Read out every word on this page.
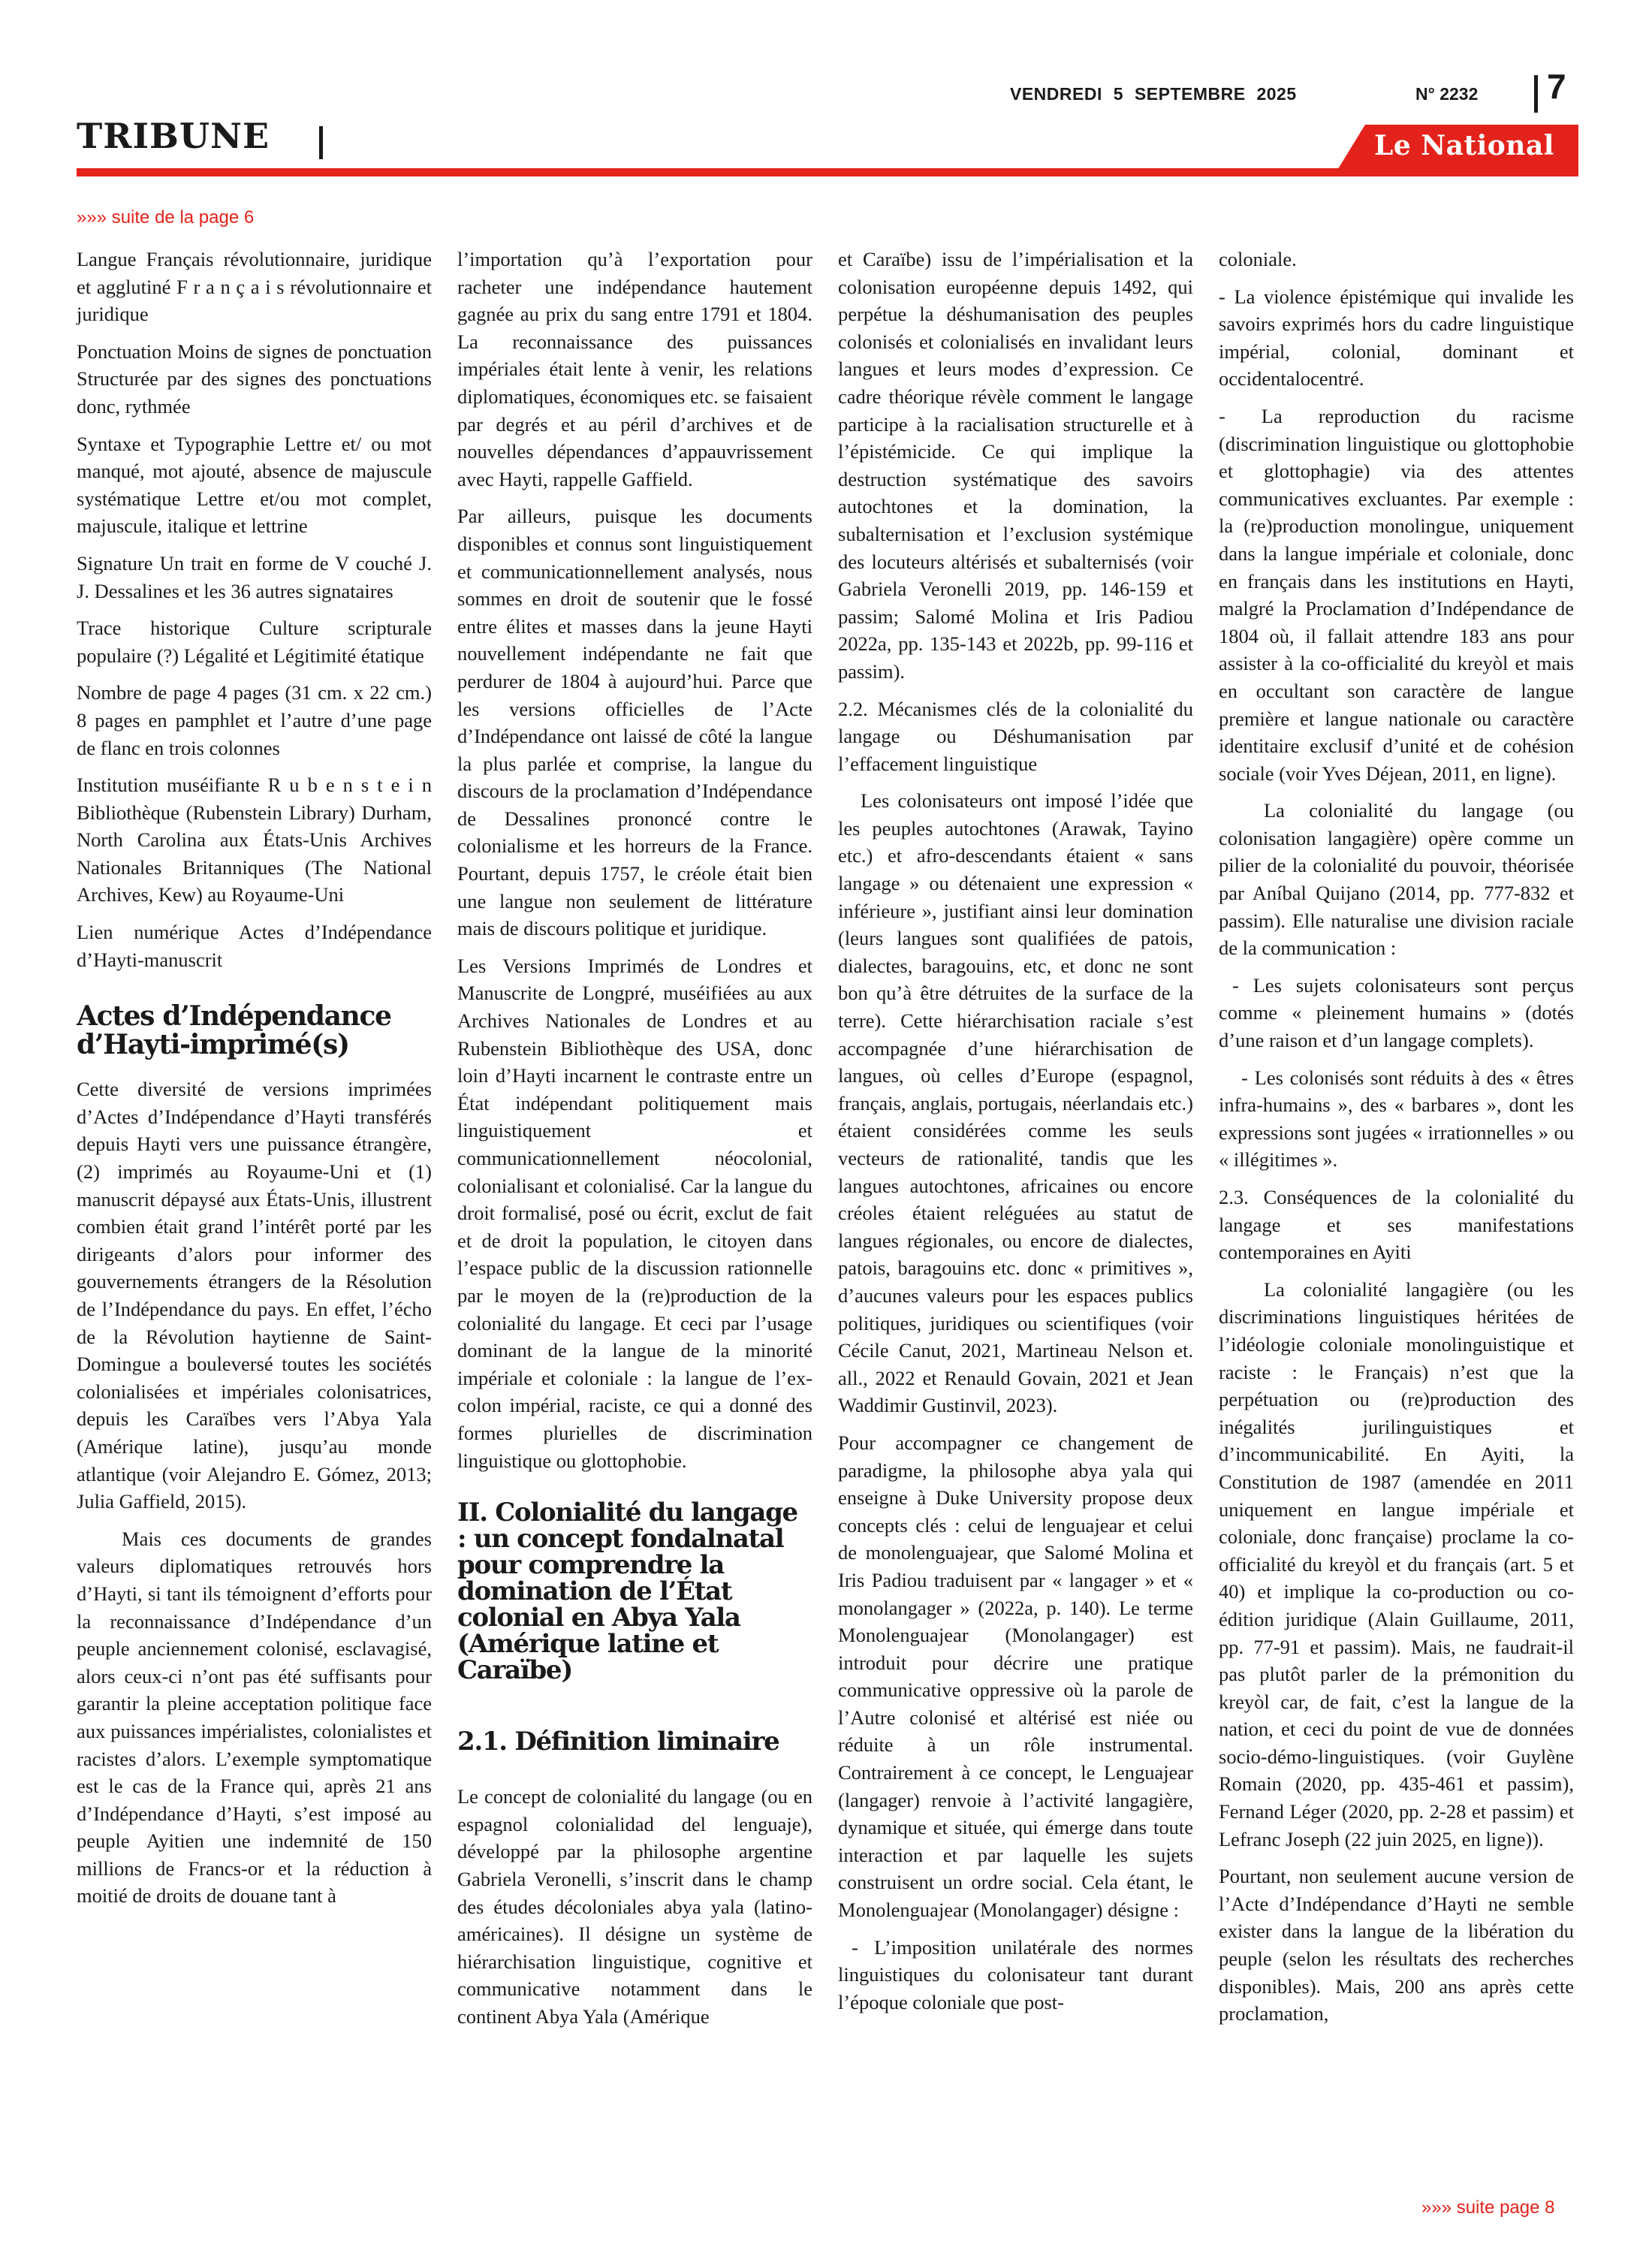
VENDREDI 5 SEPTEMBRE 2025	N° 2232 7
TRIBUNE	Le National
»»» suite de la page 6

Langue Français révolutionnaire, juridique et agglutiné F r a n ç a i s révolutionnaire et juridique

Ponctuation Moins de signes de ponctuation Structurée par des signes des ponctuations donc, rythmée

Syntaxe et Typographie Lettre et/ ou mot manqué, mot ajouté, absence de majuscule systématique Lettre et/ou mot complet, majuscule, italique et lettrine

Signature Un trait en forme de V couché J. J. Dessalines et les 36 autres signataires

Trace historique Culture scripturale populaire (?) Légalité et Légitimité étatique

Nombre de page 4 pages (31 cm. x 22 cm.) 8 pages en pamphlet et l’autre d’une page de flanc en trois colonnes

Institution muséifiante R u b e n s t e i n Bibliothèque (Rubenstein Library) Durham, North Carolina aux États-Unis Archives Nationales Britanniques (The National Archives, Kew) au Royaume-Uni

Lien numérique Actes d’Indépendance d’Hayti-manuscrit

Actes d’Indépendance d’Hayti-imprimé(s)

Cette diversité de versions imprimées d’Actes d’Indépendance d’Hayti transférés depuis Hayti vers une puissance étrangère, (2) imprimés au Royaume-Uni et (1) manuscrit dépaysé aux États-Unis, illustrent combien était grand l’intérêt porté par les dirigeants d’alors pour informer des gouvernements étrangers de la Résolution de l’Indépendance du pays. En effet, l’écho de la Révolution haytienne de Saint-Domingue a bouleversé toutes les sociétés colonialisées et impériales colonisatrices, depuis les Caraïbes vers l’Abya Yala (Amérique latine), jusqu’au monde atlantique (voir Alejandro E. Gómez, 2013; Julia Gaffield, 2015).

Mais ces documents de grandes valeurs diplomatiques retrouvés hors d’Hayti, si tant ils témoignent d’efforts pour la reconnaissance d’Indépendance d’un peuple anciennement colonisé, esclavagisé, alors ceux-ci n’ont pas été suffisants pour garantir la pleine acceptation politique face aux puissances impérialistes, colonialistes et racistes d’alors. L’exemple symptomatique est le cas de la France qui, après 21 ans d’Indépendance d’Hayti, s’est imposé au peuple Ayitien une indemnité de 150 millions de Francs-or et la réduction à moitié de droits de douane tant à

l’importation qu’à l’exportation pour racheter une indépendance hautement gagnée au prix du sang entre 1791 et 1804. La reconnaissance des puissances impériales était lente à venir, les relations diplomatiques, économiques etc. se faisaient par degrés et au péril d’archives et de nouvelles dépendances d’appauvrissement avec Hayti, rappelle Gaffield.

Par ailleurs, puisque les documents disponibles et connus sont linguistiquement et communicationnellement analysés, nous sommes en droit de soutenir que le fossé entre élites et masses dans la jeune Hayti nouvellement indépendante ne fait que perdurer de 1804 à aujourd’hui. Parce que les versions officielles de l’Acte d’Indépendance ont laissé de côté la langue la plus parlée et comprise, la langue du discours de la proclamation d’Indépendance de Dessalines prononcé contre le colonialisme et les horreurs de la France. Pourtant, depuis 1757, le créole était bien une langue non seulement de littérature mais de discours politique et juridique.

Les Versions Imprimés de Londres et Manuscrite de Longpré, muséifiées au aux Archives Nationales de Londres et au Rubenstein Bibliothèque des USA, donc loin d’Hayti incarnent le contraste entre un État indépendant politiquement mais linguistiquement et communicationnellement néocolonial, colonialisant et colonialisé. Car la langue du droit formalisé, posé ou écrit, exclut de fait et de droit la population, le citoyen dans l’espace public de la discussion rationnelle par le moyen de la (re)production de la colonialité du langage. Et ceci par l’usage dominant de la langue de la minorité impériale et coloniale : la langue de l’ex-colon impérial, raciste, ce qui a donné des formes plurielles de discrimination linguistique ou glottophobie.

II. Colonialité du langage : un concept fondalnatal pour comprendre la domination de l’État colonial en Abya Yala (Amérique latine et Caraïbe)
2.1. Définition liminaire

Le concept de colonialité du langage (ou en espagnol colonialidad del lenguaje), développé par la philosophe argentine Gabriela Veronelli, s’inscrit dans le champ des études décoloniales abya yala (latino-américaines). Il désigne un système de hiérarchisation linguistique, cognitive et communicative notamment dans le continent Abya Yala (Amérique

et Caraïbe) issu de l’impérialisation et la colonisation européenne depuis 1492, qui perpétue la déshumanisation des peuples colonisés et colonialisés en invalidant leurs langues et leurs modes d’expression. Ce cadre théorique révèle comment le langage participe à la racialisation structurelle et à l’épistémicide. Ce qui implique la destruction systématique des savoirs autochtones et la domination, la subalternisation et l’exclusion systémique des locuteurs altérisés et subalternisés (voir Gabriela Veronelli 2019, pp. 146-159 et passim; Salomé Molina et Iris Padiou 2022a, pp. 135-143 et 2022b, pp. 99-116 et passim).

2.2. Mécanismes clés de la colonialité du langage ou Déshumanisation par l’effacement linguistique

Les colonisateurs ont imposé l’idée que les peuples autochtones (Arawak, Tayino etc.) et afro-descendants étaient « sans langage » ou détenaient une expression « inférieure », justifiant ainsi leur domination (leurs langues sont qualifiées de patois, dialectes, baragouins, etc, et donc ne sont bon qu’à être détruites de la surface de la terre). Cette hiérarchisation raciale s’est accompagnée d’une hiérarchisation de langues, où celles d’Europe (espagnol, français, anglais, portugais, néerlandais etc.) étaient considérées comme les seuls vecteurs de rationalité, tandis que les langues autochtones, africaines ou encore créoles étaient reléguées au statut de langues régionales, ou encore de dialectes, patois, baragouins etc. donc « primitives », d’aucunes valeurs pour les espaces publics politiques, juridiques ou scientifiques (voir Cécile Canut, 2021, Martineau Nelson et. all., 2022 et Renauld Govain, 2021 et Jean Waddimir Gustinvil, 2023).

Pour accompagner ce changement de paradigme, la philosophe abya yala qui enseigne à Duke University propose deux concepts clés : celui de lenguajear et celui de monolenguajear, que Salomé Molina et Iris Padiou traduisent par « langager » et « monolangager » (2022a, p. 140). Le terme Monolenguajear (Monolangager) est introduit pour décrire une pratique communicative oppressive où la parole de l’Autre colonisé et altérisé est niée ou réduite à un rôle instrumental. Contrairement à ce concept, le Lenguajear (langager) renvoie à l’activité langagière, dynamique et située, qui émerge dans toute interaction et par laquelle les sujets construisent un ordre social. Cela étant, le Monolenguajear (Monolangager) désigne :

- L’imposition unilatérale des normes linguistiques du colonisateur tant durant l’époque coloniale que post-

coloniale.

- La violence épistémique qui invalide les savoirs exprimés hors du cadre linguistique impérial, colonial, dominant et occidentalocentré.

- La reproduction du racisme (discrimination linguistique ou glottophobie et glottophagie) via des attentes communicatives excluantes. Par exemple : la (re)production monolingue, uniquement dans la langue impériale et coloniale, donc en français dans les institutions en Hayti, malgré la Proclamation d’Indépendance de 1804 où, il fallait attendre 183 ans pour assister à la co-officialité du kreyòl et mais en occultant son caractère de langue première et langue nationale ou caractère identitaire exclusif d’unité et de cohésion sociale (voir Yves Déjean, 2011, en ligne).

La colonialité du langage (ou colonisation langagière) opère comme un pilier de la colonialité du pouvoir, théorisée par Aníbal Quijano (2014, pp. 777-832 et passim). Elle naturalise une division raciale de la communication :

- Les sujets colonisateurs sont perçus comme « pleinement humains » (dotés d’une raison et d’un langage complets).

- Les colonisés sont réduits à des « êtres infra-humains », des « barbares », dont les expressions sont jugées « irrationnelles » ou « illégitimes ».

2.3. Conséquences de la colonialité du langage et ses manifestations contemporaines en Ayiti

La colonialité langagière (ou les discriminations linguistiques héritées de l’idéologie coloniale monolinguistique et raciste : le Français) n’est que la perpétuation ou (re)production des inégalités jurilinguistiques et d’incommunicabilité. En Ayiti, la Constitution de 1987 (amendée en 2011 uniquement en langue impériale et coloniale, donc française) proclame la co-officialité du kreyòl et du français (art. 5 et 40) et implique la co-production ou co-édition juridique (Alain Guillaume, 2011, pp. 77-91 et passim). Mais, ne faudrait-il pas plutôt parler de la prémonition du kreyòl car, de fait, c’est la langue de la nation, et ceci du point de vue de données socio-démo-linguistiques. (voir Guylène Romain (2020, pp. 435-461 et passim), Fernand Léger (2020, pp. 2-28 et passim) et Lefranc Joseph (22 juin 2025, en ligne)).

Pourtant, non seulement aucune version de l’Acte d’Indépendance d’Hayti ne semble exister dans la langue de la libération du peuple (selon les résultats des recherches disponibles). Mais, 200 ans après cette proclamation,

»»» suite page 8
